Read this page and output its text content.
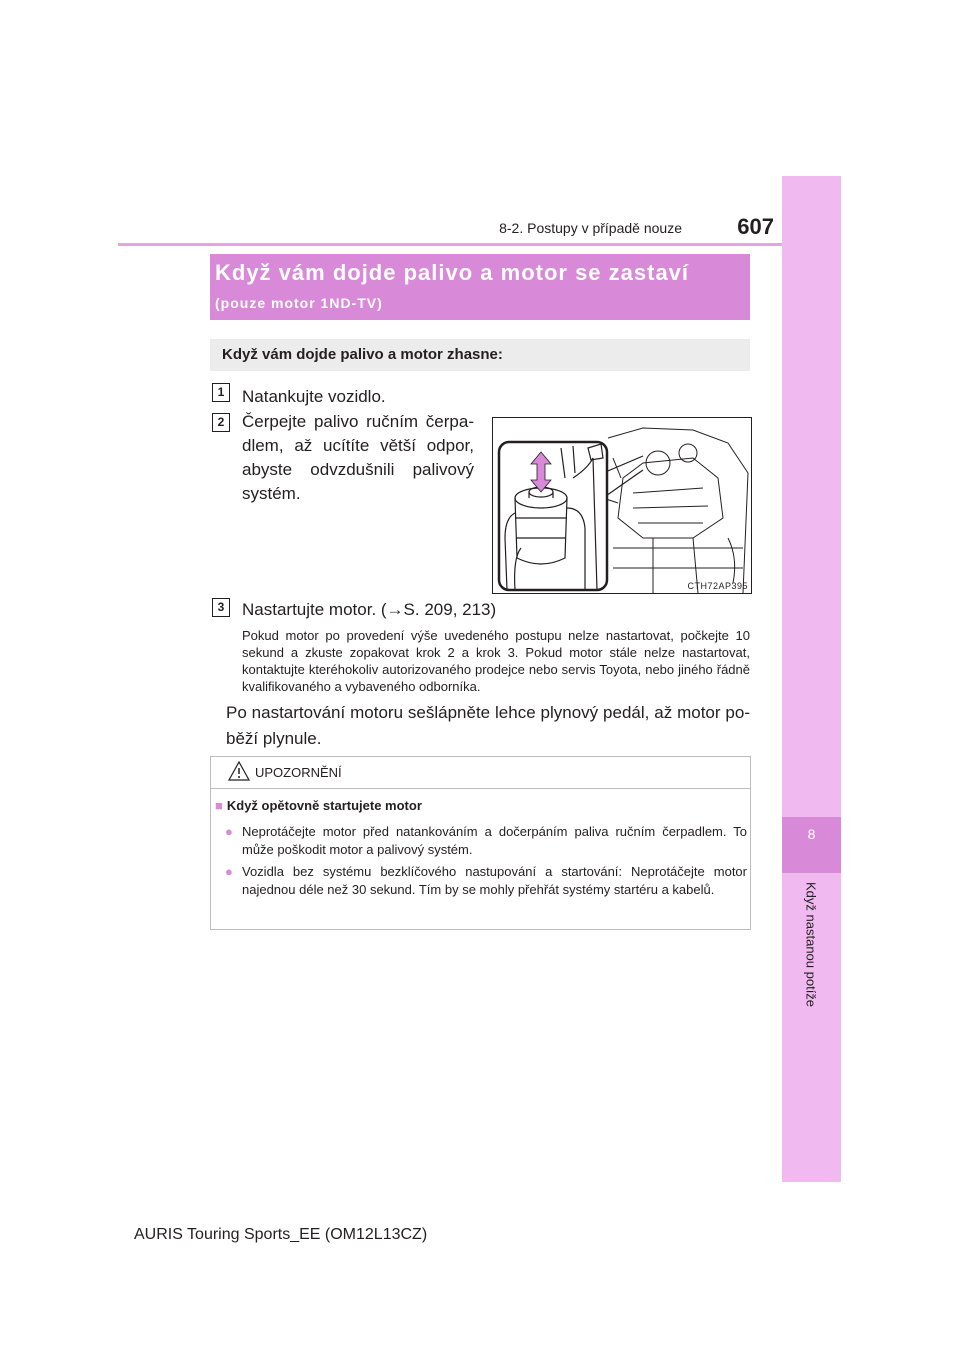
8
Když nastanou potíže
8-2. Postupy v případě nouze	607
Když vám dojde palivo a motor se zastaví
(pouze motor 1ND-TV)
Když vám dojde palivo a motor zhasne:
1	Natankujte vozidlo.
2	Čerpejte palivo ručním čerpadlem, až ucítíte větší odpor, abyste odvzdušnili palivový systém.
3	Nastartujte motor. (→S. 209, 213)
CTH72AP395
Pokud motor po provedení výše uvedeného postupu nelze nastartovat, počkejte 10 sekund a zkuste zopakovat krok 2 a krok 3. Pokud motor stále nelze nastartovat, kontaktujte kteréhokoliv autorizovaného prodejce nebo servis Toyota, nebo jiného řádně kvalifikovaného a vybaveného odborníka.
Po nastartování motoru sešlápněte lehce plynový pedál, až motor poběží plynule.
UPOZORNĚNÍ
■ Když opětovně startujete motor
● Neprotáčejte motor před natankováním a dočerpáním paliva ručním čerpadlem. To může poškodit motor a palivový systém.
● Vozidla bez systému bezklíčového nastupování a startování: Neprotáčejte motor najednou déle než 30 sekund. Tím by se mohly přehřát systémy startéru a kabelů.
AURIS Touring Sports_EE (OM12L13CZ)
